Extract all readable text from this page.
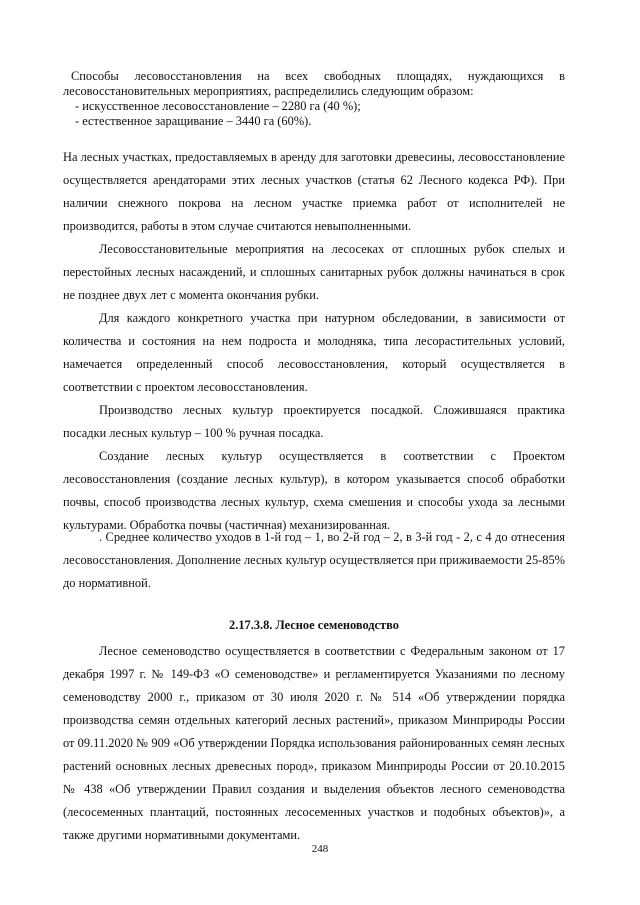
Способы лесовосстановления на всех свободных площадях, нуждающихся в лесовосстановительных мероприятиях, распределились следующим образом:
- искусственное лесовосстановление – 2280 га (40 %);
- естественное заращивание – 3440 га (60%).

На лесных участках, предоставляемых в аренду для заготовки древесины, лесовосстановление осуществляется арендаторами этих лесных участков (статья 62 Лесного кодекса РФ). При наличии снежного покрова на лесном участке приемка работ от исполнителей не производится, работы в этом случае считаются невыполненными.

Лесовосстановительные мероприятия на лесосеках от сплошных рубок спелых и перестойных лесных насаждений, и сплошных санитарных рубок должны начинаться в срок не позднее двух лет с момента окончания рубки.

Для каждого конкретного участка при натурном обследовании, в зависимости от количества и состояния на нем подроста и молодняка, типа лесорастительных условий, намечается определенный способ лесовосстановления, который осуществляется в соответствии с проектом лесовосстановления.

Производство лесных культур проектируется посадкой. Сложившаяся практика посадки лесных культур – 100 % ручная посадка.

Создание лесных культур осуществляется в соответствии с Проектом лесовосстановления (создание лесных культур), в котором указывается способ обработки почвы, способ производства лесных культур, схема смешения и способы ухода за лесными культурами. Обработка почвы (частичная) механизированная.

. Среднее количество уходов в 1-й год – 1, во 2-й год – 2, в 3-й год - 2, с 4 до отнесения лесовосстановления. Дополнение лесных культур осуществляется при приживаемости 25-85% до нормативной.

2.17.3.8. Лесное семеноводство

Лесное семеноводство осуществляется в соответствии с Федеральным законом от 17 декабря 1997 г. № 149-ФЗ «О семеноводстве» и регламентируется Указаниями по лесному семеноводству 2000 г., приказом от 30 июля 2020 г. № 514 «Об утверждении порядка производства семян отдельных категорий лесных растений», приказом Минприроды России от 09.11.2020 № 909 «Об утверждении Порядка использования районированных семян лесных растений основных лесных древесных пород», приказом Минприроды России от 20.10.2015 № 438 «Об утверждении Правил создания и выделения объектов лесного семеноводства (лесосеменных плантаций, постоянных лесосеменных участков и подобных объектов)», а также другими нормативными документами.

248
